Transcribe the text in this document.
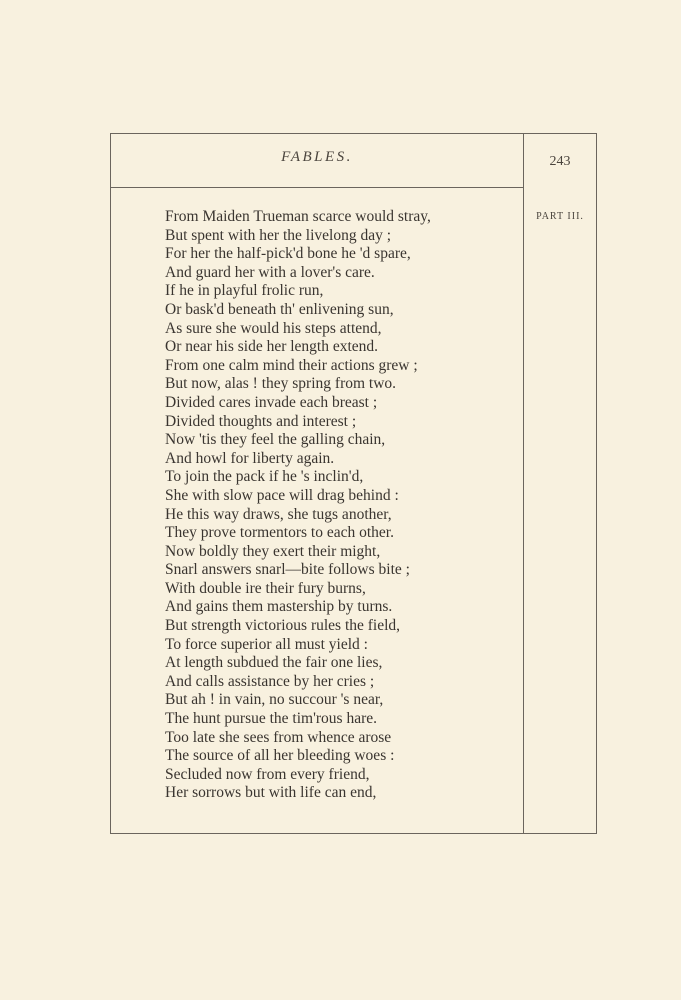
FABLES.	243
PART III.
From Maiden Trueman scarce would stray,
But spent with her the livelong day ;
For her the half-pick'd bone he 'd spare,
And guard her with a lover's care.
If he in playful frolic run,
Or bask'd beneath th' enlivening sun,
As sure she would his steps attend,
Or near his side her length extend.
From one calm mind their actions grew ;
But now, alas ! they spring from two.
Divided cares invade each breast ;
Divided thoughts and interest ;
Now 'tis they feel the galling chain,
And howl for liberty again.
To join the pack if he 's inclin'd,
She with slow pace will drag behind :
He this way draws, she tugs another,
They prove tormentors to each other.
Now boldly they exert their might,
Snarl answers snarl—bite follows bite ;
With double ire their fury burns,
And gains them mastership by turns.
But strength victorious rules the field,
To force superior all must yield :
At length subdued the fair one lies,
And calls assistance by her cries ;
But ah ! in vain, no succour 's near,
The hunt pursue the tim'rous hare.
Too late she sees from whence arose
The source of all her bleeding woes :
Secluded now from every friend,
Her sorrows but with life can end,
